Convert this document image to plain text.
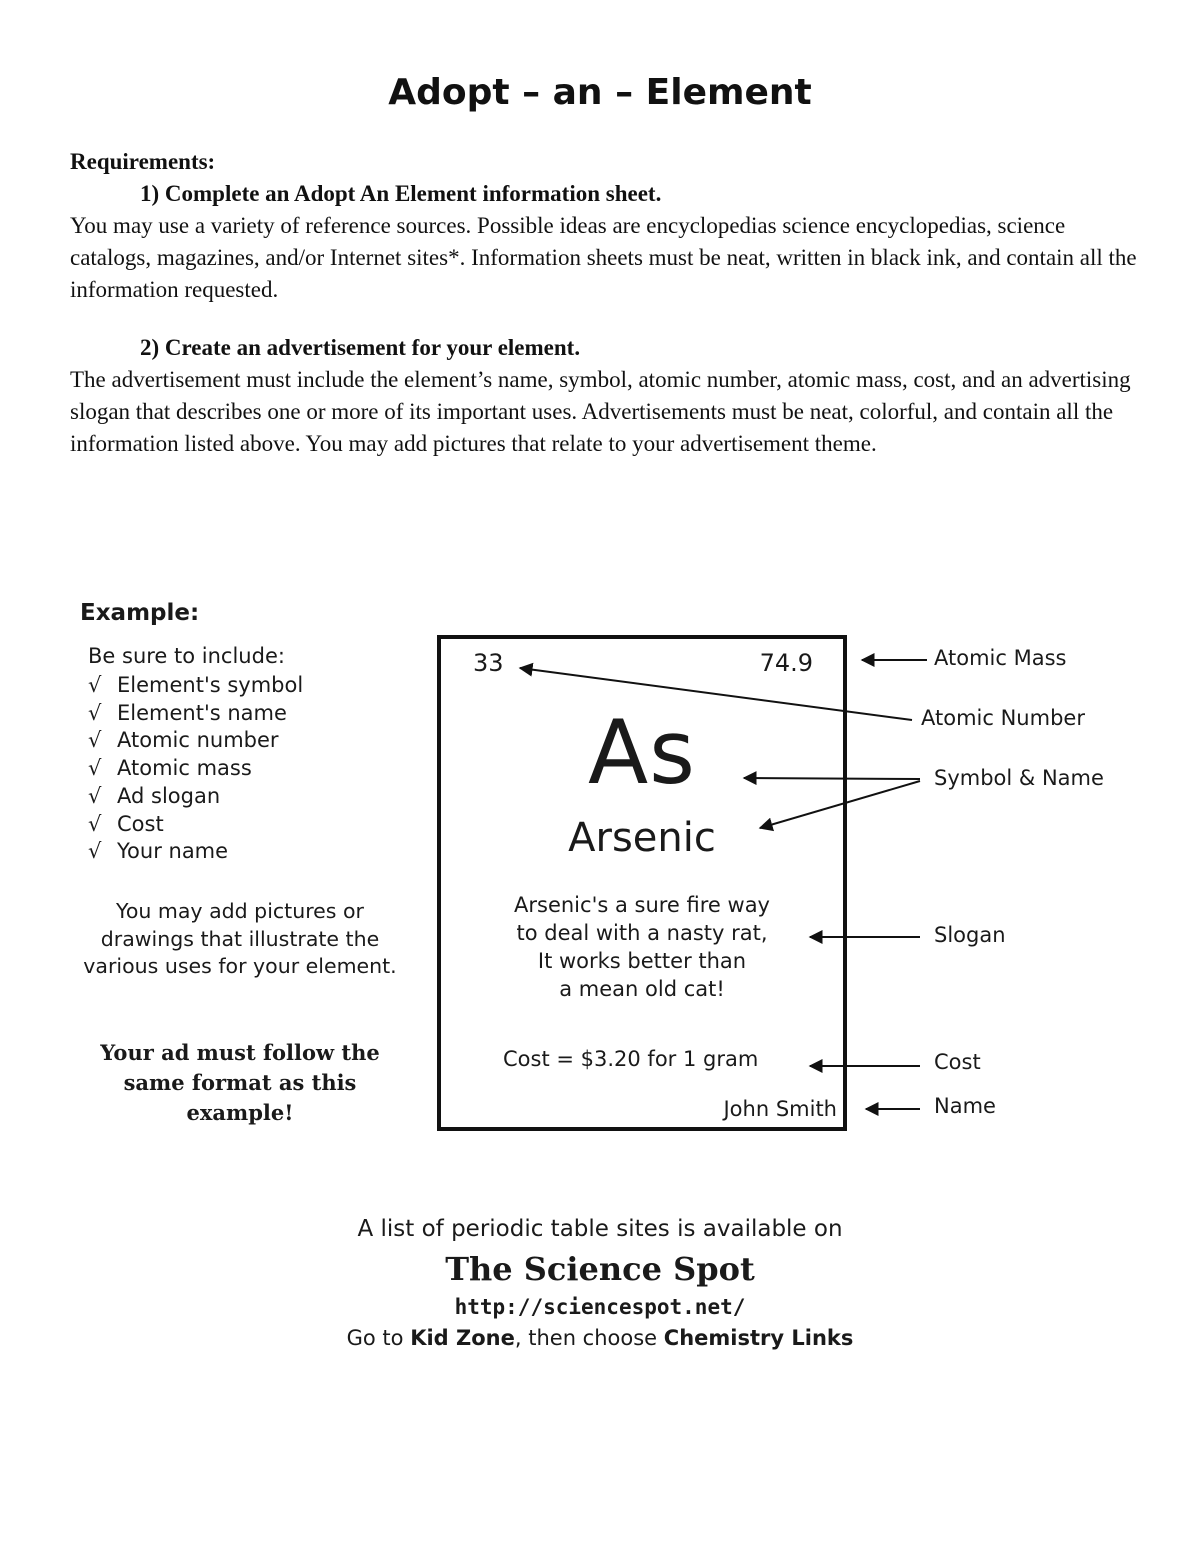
Adopt – an – Element

Requirements:

1) Complete an Adopt An Element information sheet.

You may use a variety of reference sources. Possible ideas are encyclopedias science encyclopedias, science catalogs, magazines, and/or Internet sites*. Information sheets must be neat, written in black ink, and contain all the information requested.

2) Create an advertisement for your element.

The advertisement must include the element’s name, symbol, atomic number, atomic mass, cost, and an advertising slogan that describes one or more of its important uses. Advertisements must be neat, colorful, and contain all the information listed above. You may add pictures that relate to your advertisement theme.

Example:
Be sure to include:
√ Element's symbol
√ Element's name
√ Atomic number
√ Atomic mass
√ Ad slogan
√ Cost
√ Your name
You may add pictures or drawings that illustrate the various uses for your element.
Your ad must follow the same format as this example!
33	74.9
As
Arsenic
Arsenic's a sure fire way
to deal with a nasty rat,
It works better than
a mean old cat!
Cost = $3.20 for 1 gram
John Smith
Atomic Mass
Atomic Number
Symbol & Name
Slogan
Cost
Name
A list of periodic table sites is available on
The Science Spot
http://sciencespot.net/
Go to Kid Zone, then choose Chemistry Links
